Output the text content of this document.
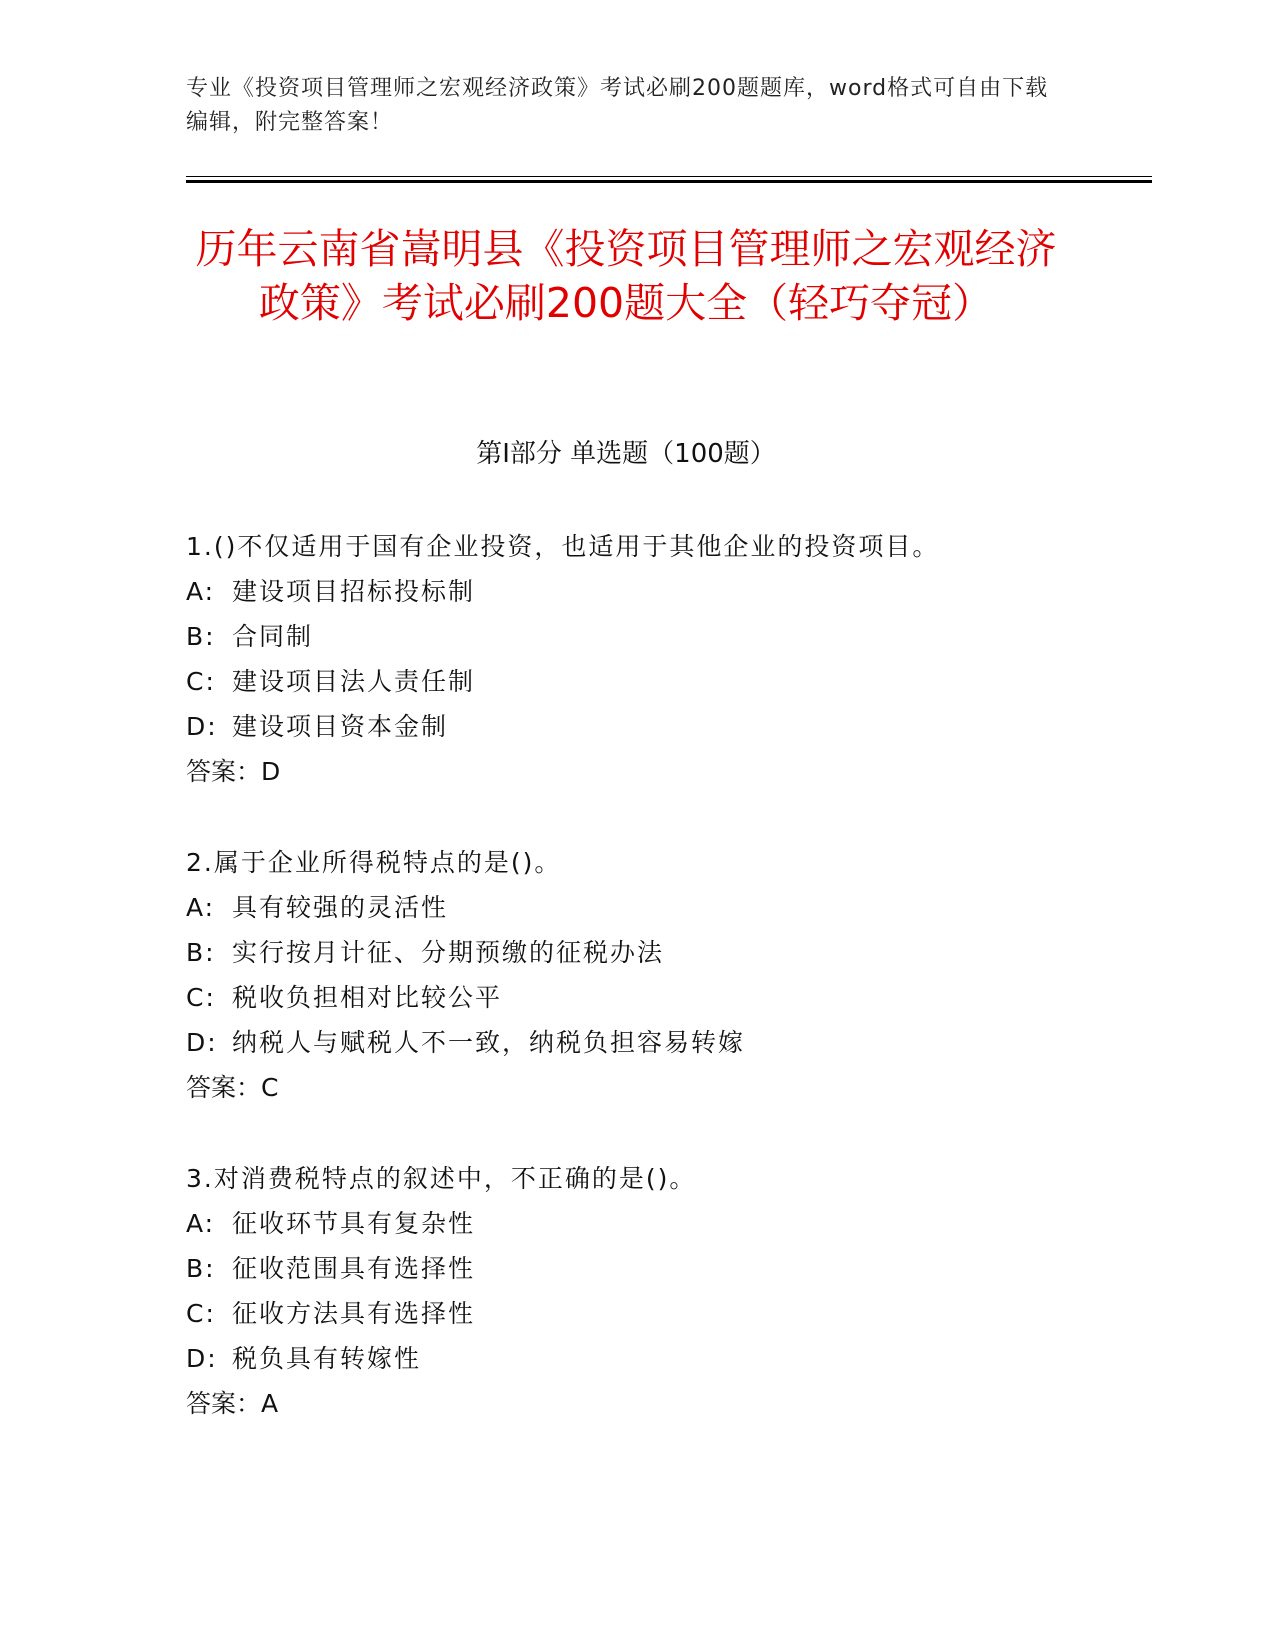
专业《投资项目管理师之宏观经济政策》考试必刷200题题库，word格式可自由下载编辑，附完整答案！
历年云南省嵩明县《投资项目管理师之宏观经济政策》考试必刷200题大全（轻巧夺冠）
第Ⅰ部分 单选题（100题）
1.()不仅适用于国有企业投资，也适用于其他企业的投资项目。
A: 建设项目招标投标制
B: 合同制
C: 建设项目法人责任制
D: 建设项目资本金制
答案：D
2.属于企业所得税特点的是()。
A: 具有较强的灵活性
B: 实行按月计征、分期预缴的征税办法
C: 税收负担相对比较公平
D: 纳税人与赋税人不一致，纳税负担容易转嫁
答案：C
3.对消费税特点的叙述中，不正确的是()。
A: 征收环节具有复杂性
B: 征收范围具有选择性
C: 征收方法具有选择性
D: 税负具有转嫁性
答案：A
